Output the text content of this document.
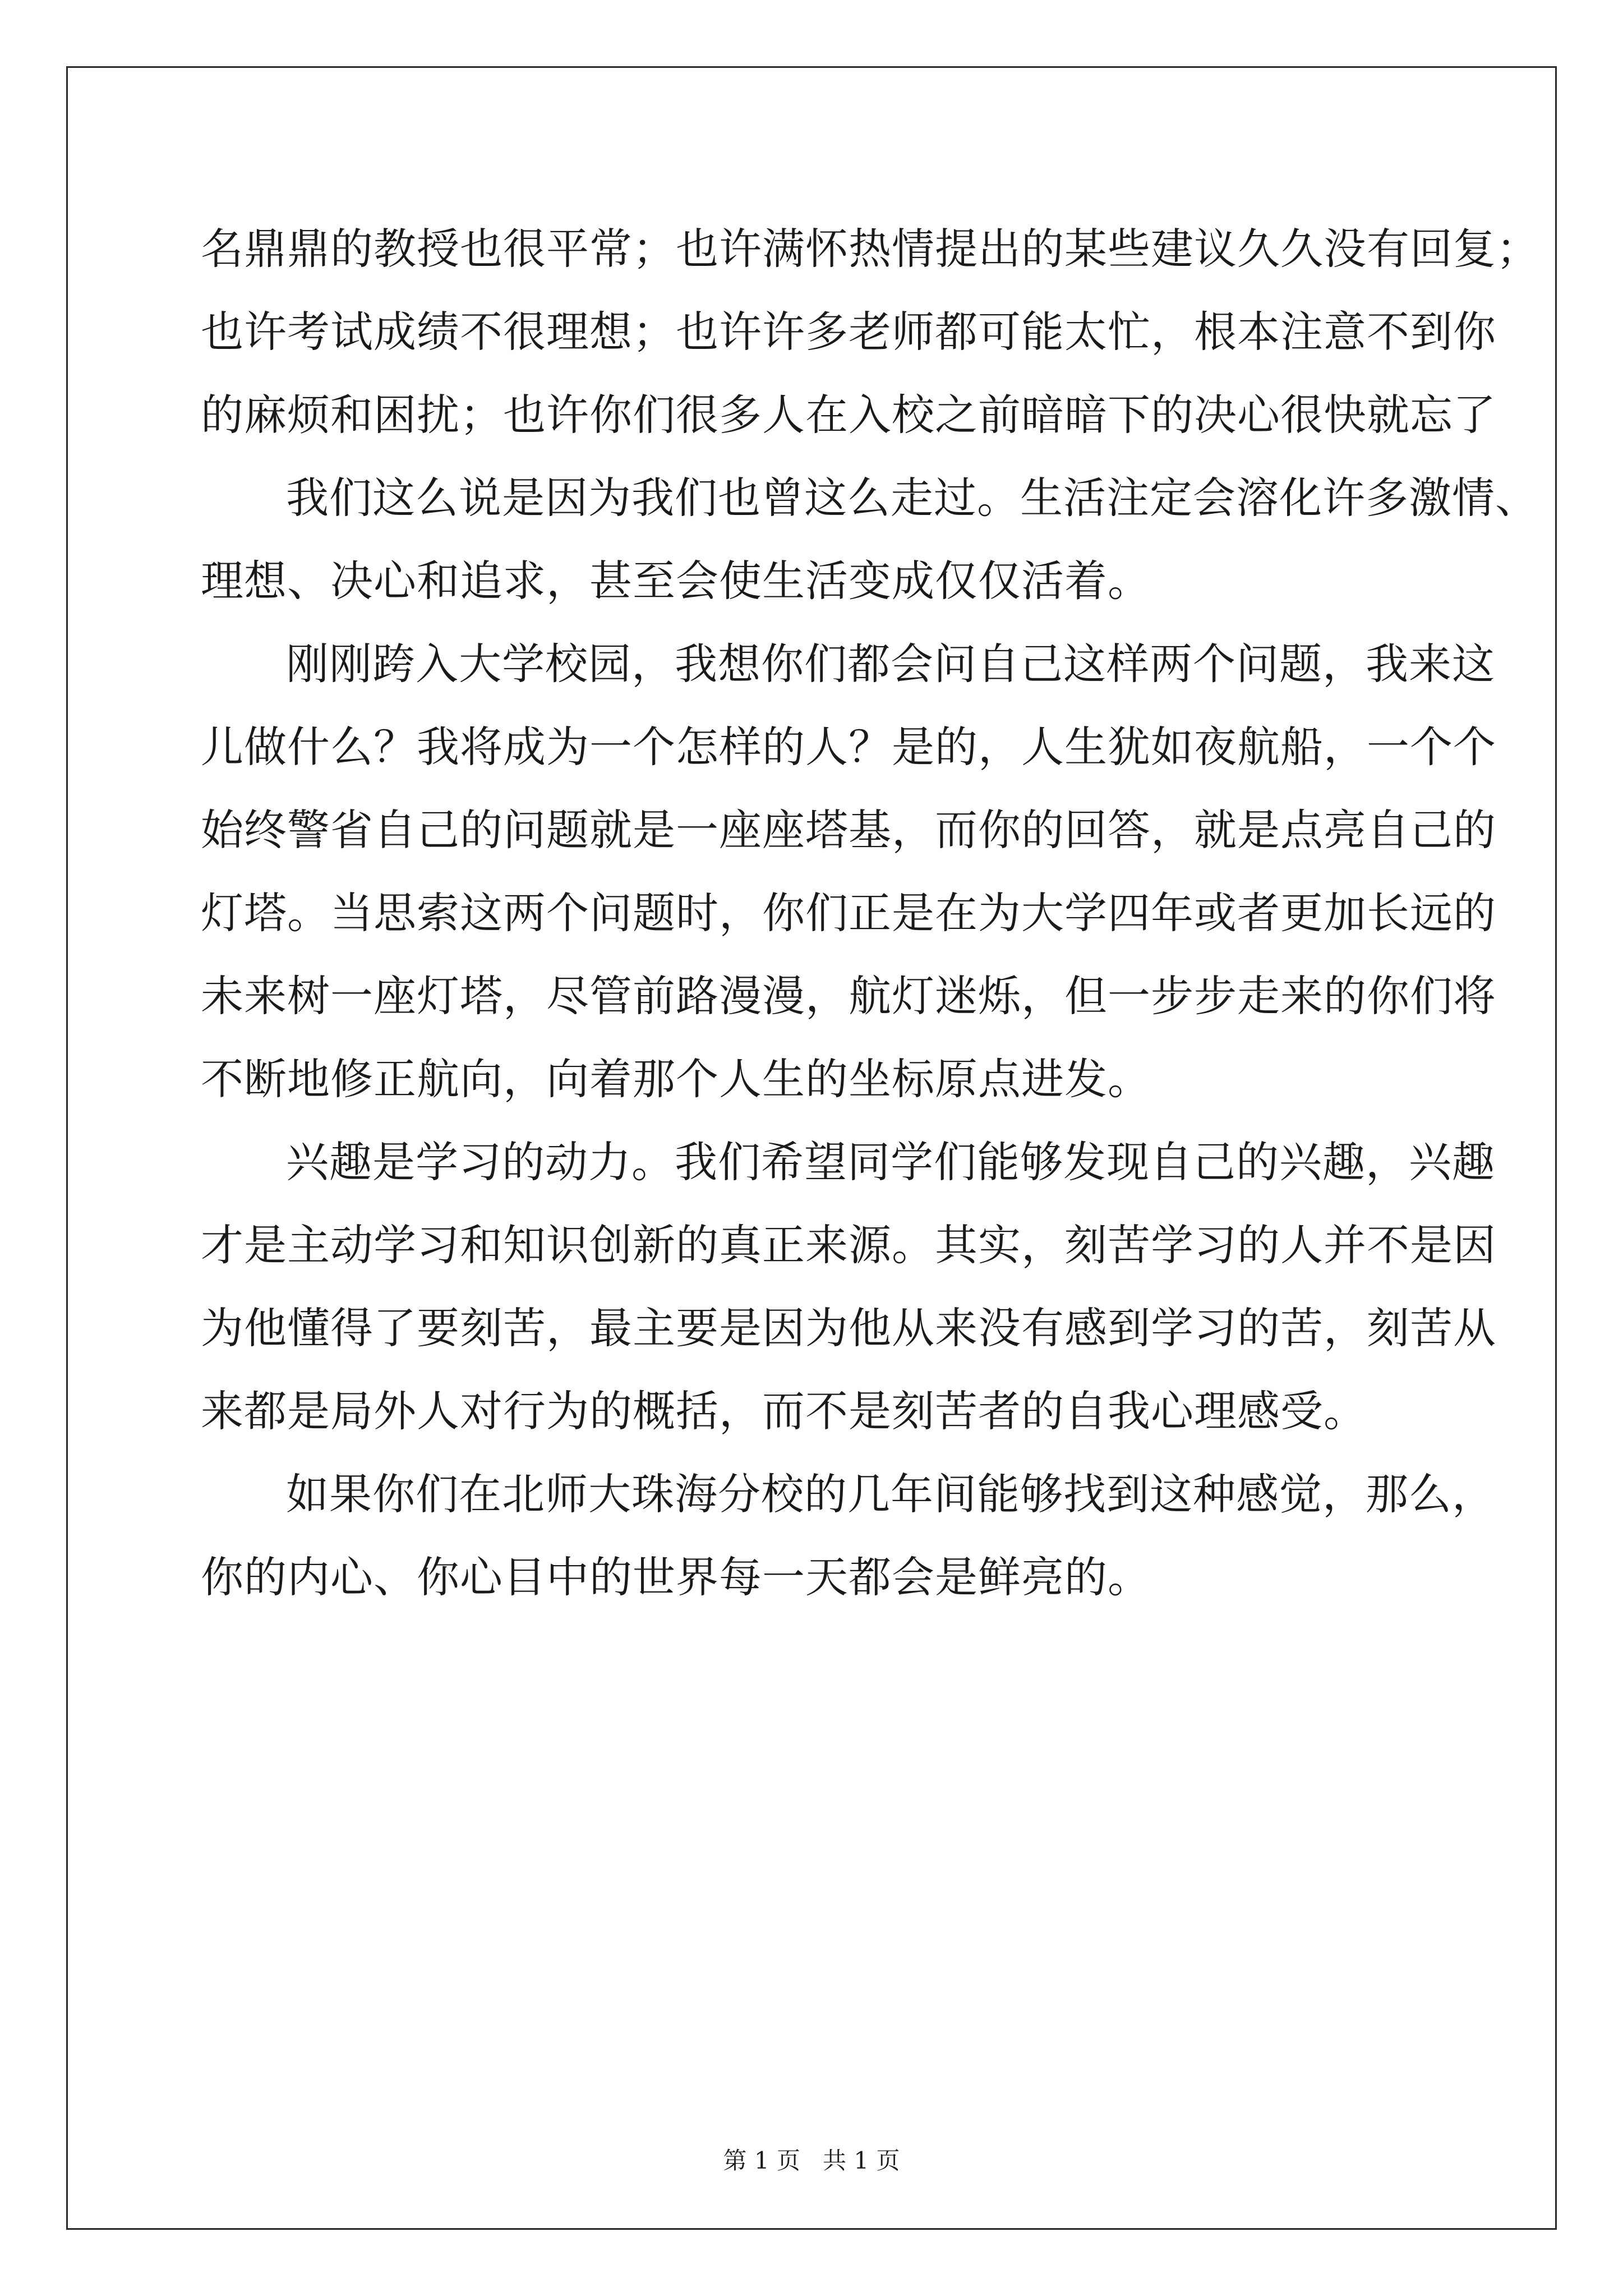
名鼎鼎的教授也很平常；也许满怀热情提出的某些建议久久没有回复；
也许考试成绩不很理想；也许许多老师都可能太忙，根本注意不到你
的麻烦和困扰；也许你们很多人在入校之前暗暗下的决心很快就忘了
我们这么说是因为我们也曾这么走过。生活注定会溶化许多激情、
理想、决心和追求，甚至会使生活变成仅仅活着。
刚刚跨入大学校园，我想你们都会问自己这样两个问题，我来这
儿做什么？我将成为一个怎样的人？是的，人生犹如夜航船，一个个
始终警省自己的问题就是一座座塔基，而你的回答，就是点亮自己的
灯塔。当思索这两个问题时，你们正是在为大学四年或者更加长远的
未来树一座灯塔，尽管前路漫漫，航灯迷烁，但一步步走来的你们将
不断地修正航向，向着那个人生的坐标原点进发。
兴趣是学习的动力。我们希望同学们能够发现自己的兴趣，兴趣
才是主动学习和知识创新的真正来源。其实，刻苦学习的人并不是因
为他懂得了要刻苦，最主要是因为他从来没有感到学习的苦，刻苦从
来都是局外人对行为的概括，而不是刻苦者的自我心理感受。
如果你们在北师大珠海分校的几年间能够找到这种感觉，那么，
你的内心、你心目中的世界每一天都会是鲜亮的。
第 1 页   共 1 页
